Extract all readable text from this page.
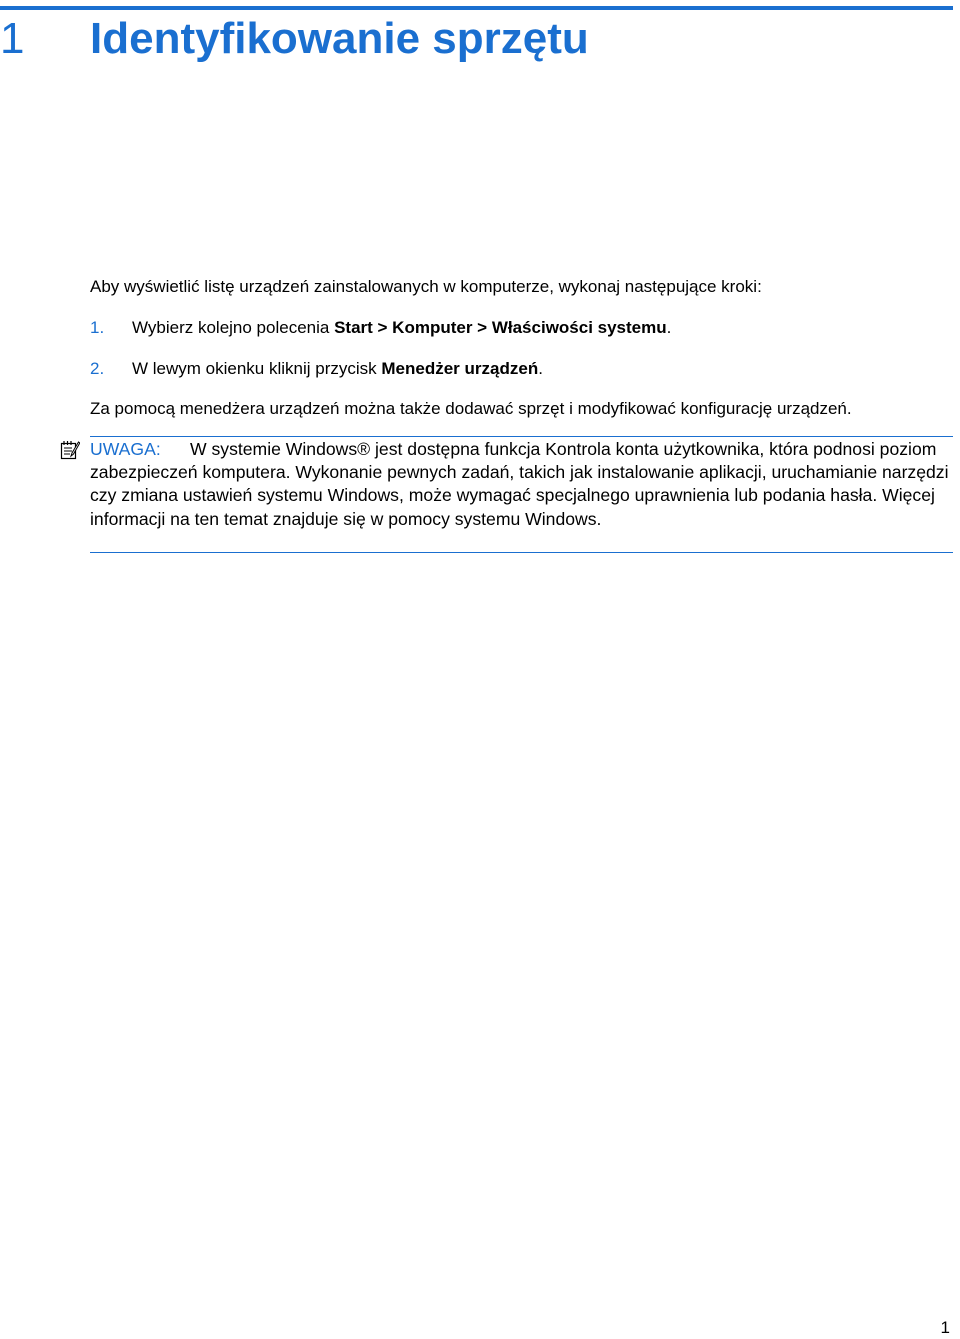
1 Identyfikowanie sprzętu

Aby wyświetlić listę urządzeń zainstalowanych w komputerze, wykonaj następujące kroki:

1. Wybierz kolejno polecenia Start > Komputer > Właściwości systemu.
2. W lewym okienku kliknij przycisk Menedżer urządzeń.

Za pomocą menedżera urządzeń można także dodawać sprzęt i modyfikować konfigurację urządzeń.

UWAGA: W systemie Windows® jest dostępna funkcja Kontrola konta użytkownika, która podnosi poziom zabezpieczeń komputera. Wykonanie pewnych zadań, takich jak instalowanie aplikacji, uruchamianie narzędzi czy zmiana ustawień systemu Windows, może wymagać specjalnego uprawnienia lub podania hasła. Więcej informacji na ten temat znajduje się w pomocy systemu Windows.

1
